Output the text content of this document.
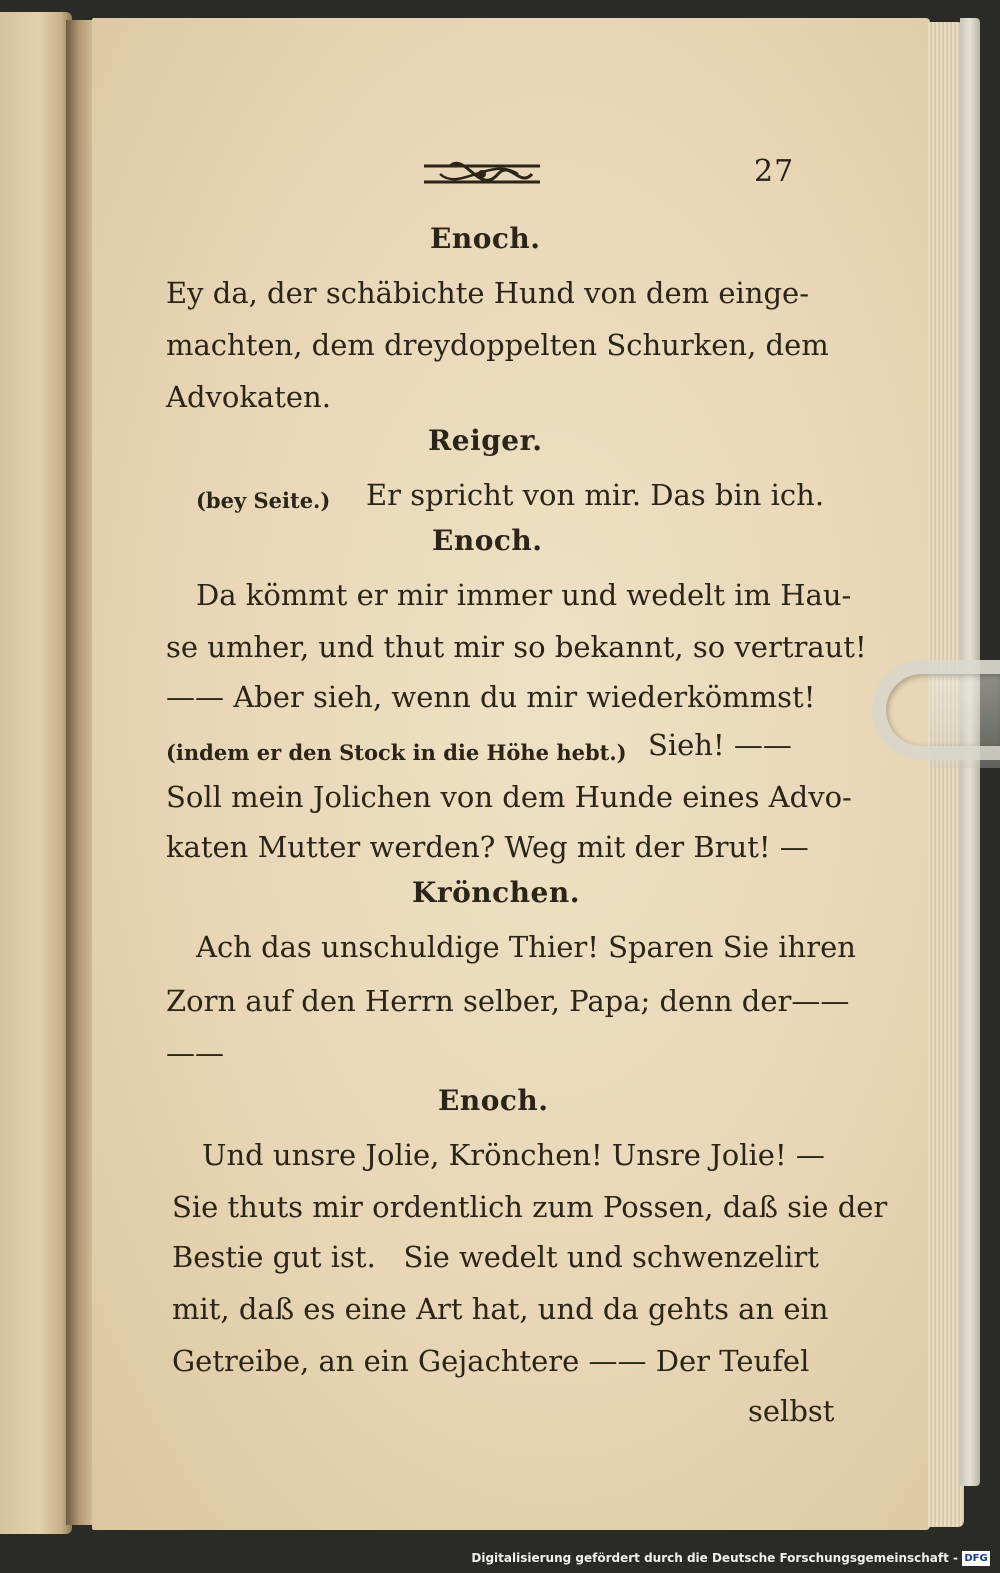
27
Enoch.
Ey da, der schäbichte Hund von dem einge-
machten, dem dreydoppelten Schurken, dem
Advokaten.
Reiger.
(bey Seite.) Er spricht von mir. Das bin ich.
Enoch.
Da kömmt er mir immer und wedelt im Hau-
se umher, und thut mir so bekannt, so vertraut!
—— Aber sieh, wenn du mir wiederkömmst!
(indem er den Stock in die Höhe hebt.) Sieh! ——
Soll mein Jolichen von dem Hunde eines Advo-
katen Mutter werden? Weg mit der Brut! —
Krönchen.
Ach das unschuldige Thier! Sparen Sie ihren
Zorn auf den Herrn selber, Papa; denn der——
——
Enoch.
Und unsre Jolie, Krönchen! Unsre Jolie! —
Sie thuts mir ordentlich zum Possen, daß sie der
Bestie gut ist.   Sie wedelt und schwenzelirt
mit, daß es eine Art hat, und da gehts an ein
Getreibe, an ein Gejachtere —— Der Teufel
selbst
Digitalisierung gefördert durch die Deutsche Forschungsgemeinschaft - DFG
